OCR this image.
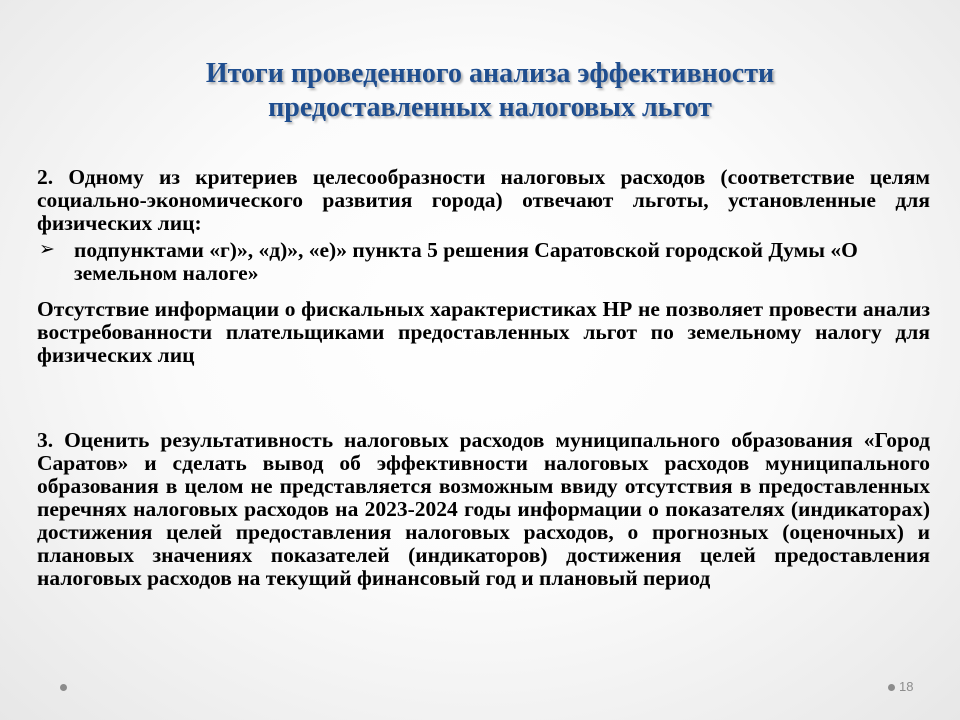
Итоги проведенного анализа эффективности
предоставленных налоговых льгот

2. Одному из критериев целесообразности налоговых расходов (соответствие целям социально-экономического развития города) отвечают льготы, установленные для физических лиц:

➢ подпунктами «г)», «д)», «е)» пункта 5 решения Саратовской городской Думы «О земельном налоге»

Отсутствие информации о фискальных характеристиках НР не позволяет провести анализ востребованности плательщиками предоставленных льгот по земельному налогу для физических лиц

3. Оценить результативность налоговых расходов муниципального образования «Город Саратов» и сделать вывод об эффективности налоговых расходов муниципального образования в целом не представляется возможным ввиду отсутствия в предоставленных перечнях налоговых расходов на 2023-2024 годы информации о показателях (индикаторах) достижения целей предоставления налоговых расходов, о прогнозных (оценочных) и плановых значениях показателей (индикаторов) достижения целей предоставления налоговых расходов на текущий финансовый год и плановый период

18
